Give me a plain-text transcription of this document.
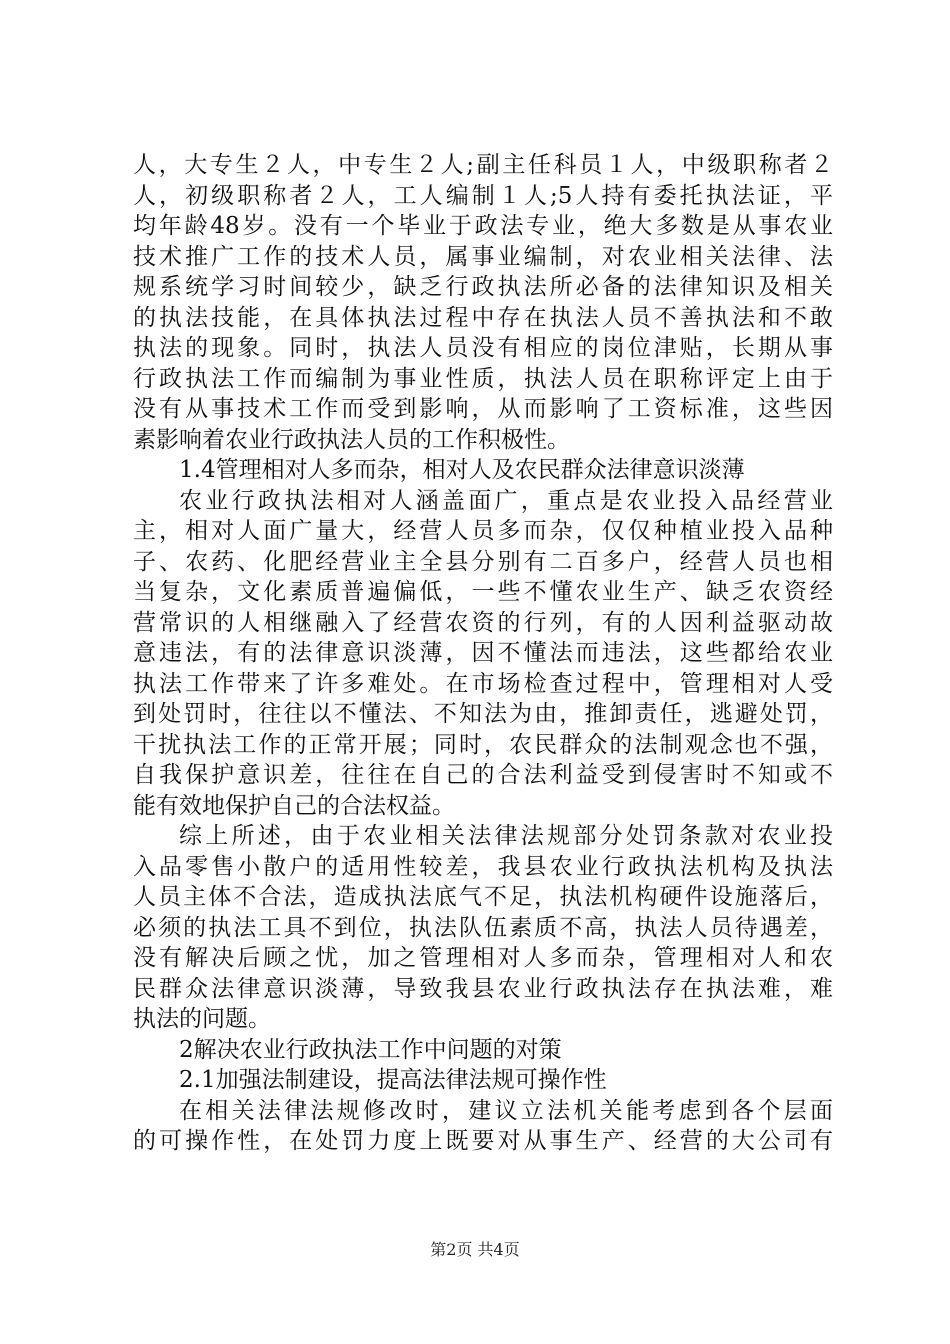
人，大专生２人，中专生２人;副主任科员１人，中级职称者２
人，初级职称者２人，工人编制１人;5人持有委托执法证，平
均年龄48岁。没有一个毕业于政法专业，绝大多数是从事农业
技术推广工作的技术人员，属事业编制，对农业相关法律、法
规系统学习时间较少，缺乏行政执法所必备的法律知识及相关
的执法技能，在具体执法过程中存在执法人员不善执法和不敢
执法的现象。同时，执法人员没有相应的岗位津贴，长期从事
行政执法工作而编制为事业性质，执法人员在职称评定上由于
没有从事技术工作而受到影响，从而影响了工资标准，这些因
素影响着农业行政执法人员的工作积极性。
1.4管理相对人多而杂，相对人及农民群众法律意识淡薄
农业行政执法相对人涵盖面广，重点是农业投入品经营业
主，相对人面广量大，经营人员多而杂，仅仅种植业投入品种
子、农药、化肥经营业主全县分别有二百多户，经营人员也相
当复杂，文化素质普遍偏低，一些不懂农业生产、缺乏农资经
营常识的人相继融入了经营农资的行列，有的人因利益驱动故
意违法，有的法律意识淡薄，因不懂法而违法，这些都给农业
执法工作带来了许多难处。在市场检查过程中，管理相对人受
到处罚时，往往以不懂法、不知法为由，推卸责任，逃避处罚，
干扰执法工作的正常开展；同时，农民群众的法制观念也不强，
自我保护意识差，往往在自己的合法利益受到侵害时不知或不
能有效地保护自己的合法权益。
综上所述，由于农业相关法律法规部分处罚条款对农业投
入品零售小散户的适用性较差，我县农业行政执法机构及执法
人员主体不合法，造成执法底气不足，执法机构硬件设施落后，
必须的执法工具不到位，执法队伍素质不高，执法人员待遇差，
没有解决后顾之忧，加之管理相对人多而杂，管理相对人和农
民群众法律意识淡薄，导致我县农业行政执法存在执法难，难
执法的问题。
2解决农业行政执法工作中问题的对策
2.1加强法制建设，提高法律法规可操作性
在相关法律法规修改时，建议立法机关能考虑到各个层面
的可操作性，在处罚力度上既要对从事生产、经营的大公司有
第2页 共4页
